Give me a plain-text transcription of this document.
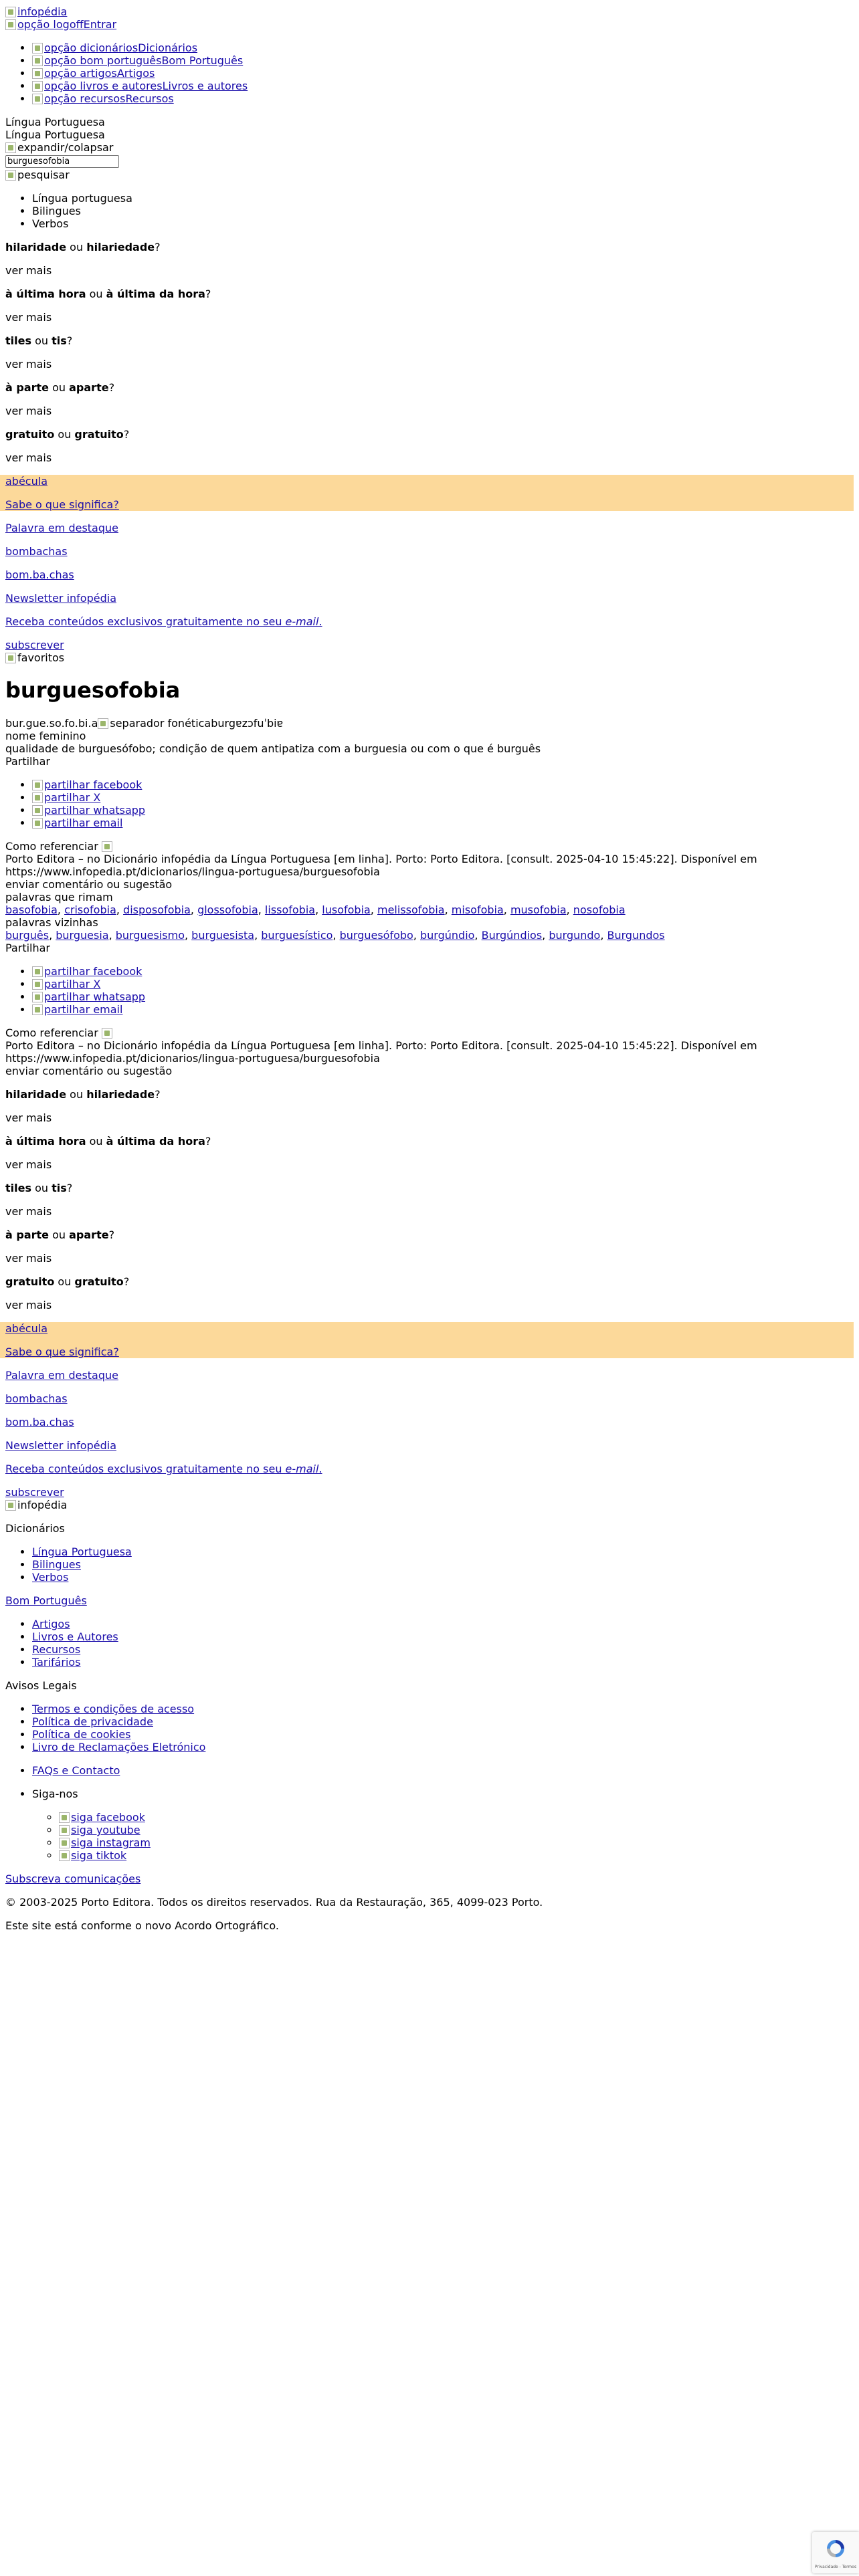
infopédia
opção logoffEntrar
• opção dicionáriosDicionários
• opção bom portuguêsBom Português
• opção artigosArtigos
• opção livros e autoresLivros e autores
• opção recursosRecursos
Língua Portuguesa
Língua Portuguesa
expandir/colapsar
burguesofobia
pesquisar
• Língua portuguesa
• Bilingues
• Verbos

hilaridade ou hilariedade?

ver mais

à última hora ou à última da hora?

ver mais

tiles ou tis?

ver mais

à parte ou aparte?

ver mais

gratuito ou gratuito?

ver mais

abécula

Sabe o que significa?

Palavra em destaque

bombachas

bom.ba.chas

Newsletter infopédia

Receba conteúdos exclusivos gratuitamente no seu e-mail.

subscrever

favoritos
burguesofobia
bur.gue.so.fo.bi.a separador fonéticaburgɐzɔfuˈbiɐ
nome feminino
qualidade de burguesófobo; condição de quem antipatiza com a burguesia ou com o que é burguês
Partilhar
• partilhar facebook
• partilhar X
• partilhar whatsapp
• partilhar email
Como referenciar
Porto Editora – no Dicionário infopédia da Língua Portuguesa [em linha]. Porto: Porto Editora. [consult. 2025-04-10 15:45:22]. Disponível em
https://www.infopedia.pt/dicionarios/lingua-portuguesa/burguesofobia
enviar comentário ou sugestão
palavras que rimam
basofobia, crisofobia, disposofobia, glossofobia, lissofobia, lusofobia, melissofobia, misofobia, musofobia, nosofobia
palavras vizinhas
burguês, burguesia, burguesismo, burguesista, burguesístico, burguesófobo, burgúndio, Burgúndios, burgundo, Burgundos
Partilhar
• partilhar facebook
• partilhar X
• partilhar whatsapp
• partilhar email
Como referenciar
Porto Editora – no Dicionário infopédia da Língua Portuguesa [em linha]. Porto: Porto Editora. [consult. 2025-04-10 15:45:22]. Disponível em
https://www.infopedia.pt/dicionarios/lingua-portuguesa/burguesofobia
enviar comentário ou sugestão

hilaridade ou hilariedade?

ver mais

à última hora ou à última da hora?

ver mais

tiles ou tis?

ver mais

à parte ou aparte?

ver mais

gratuito ou gratuito?

ver mais

abécula

Sabe o que significa?

Palavra em destaque

bombachas

bom.ba.chas

Newsletter infopédia

Receba conteúdos exclusivos gratuitamente no seu e-mail.

subscrever

infopédia

Dicionários

• Língua Portuguesa
• Bilingues
• Verbos

Bom Português

• Artigos
• Livros e Autores
• Recursos
• Tarifários

Avisos Legais

• Termos e condições de acesso
• Política de privacidade
• Política de cookies
• Livro de Reclamações Eletrónico
• FAQs e Contacto
• Siga-nos
◦ siga facebook
◦ siga youtube
◦ siga instagram
◦ siga tiktok

Subscreva comunicações

© 2003-2025 Porto Editora. Todos os direitos reservados. Rua da Restauração, 365, 4099-023 Porto.

Este site está conforme o novo Acordo Ortográfico.

Privacidade - Termos
